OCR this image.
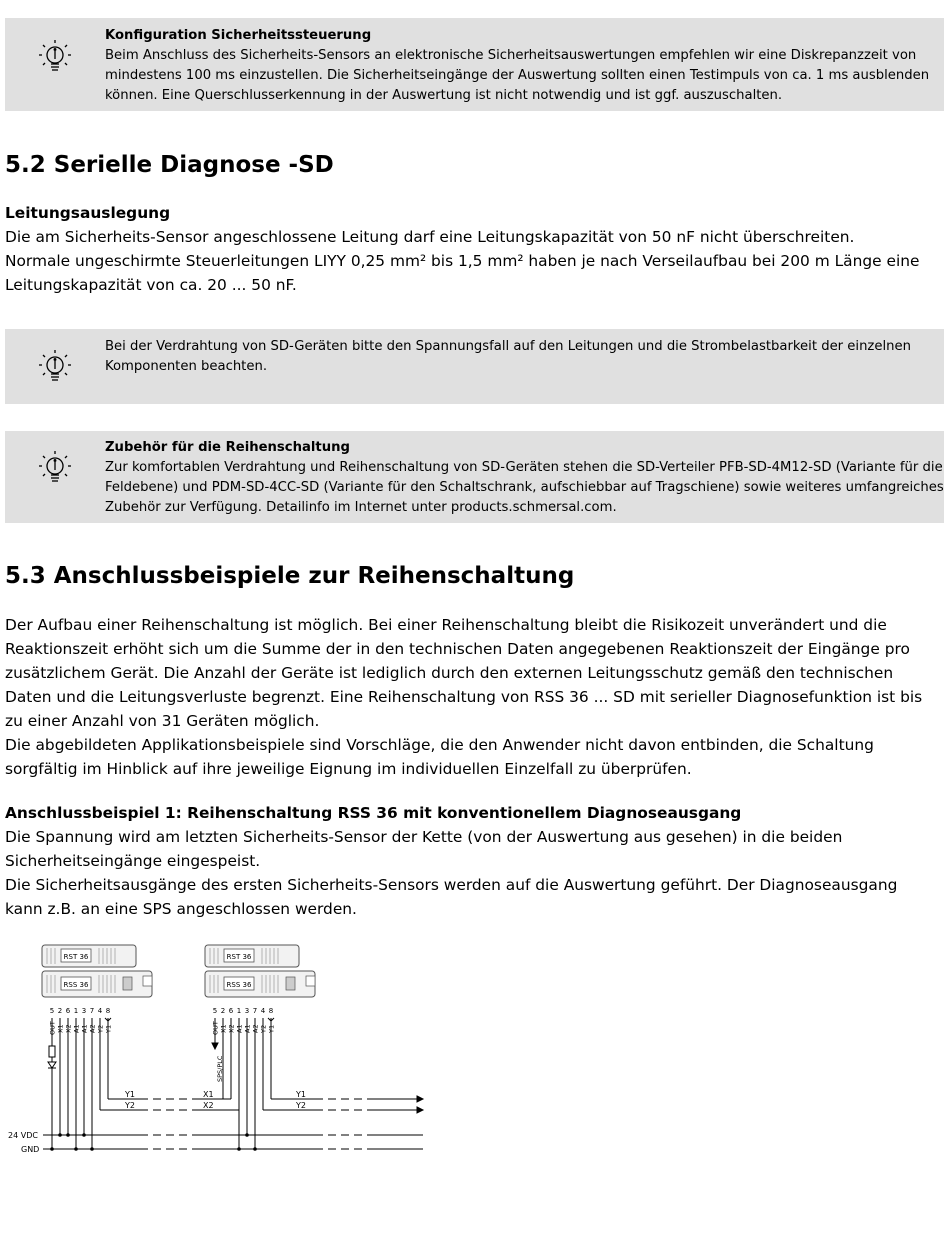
Konfiguration Sicherheitssteuerung
Beim Anschluss des Sicherheits-Sensors an elektronische Sicherheitsauswertungen empfehlen wir eine Diskrepanzzeit von
mindestens 100 ms einzustellen. Die Sicherheitseingänge der Auswertung sollten einen Testimpuls von ca. 1 ms ausblenden
können. Eine Querschlusserkennung in der Auswertung ist nicht notwendig und ist ggf. auszuschalten.
5.2 Serielle Diagnose -SD
Leitungsauslegung
Die am Sicherheits-Sensor angeschlossene Leitung darf eine Leitungskapazität von 50 nF nicht überschreiten.
Normale ungeschirmte Steuerleitungen LIYY 0,25 mm² bis 1,5 mm² haben je nach Verseilaufbau bei 200 m Länge eine
Leitungskapazität von ca. 20 ... 50 nF.
Bei der Verdrahtung von SD-Geräten bitte den Spannungsfall auf den Leitungen und die Strombelastbarkeit der einzelnen
Komponenten beachten.
Zubehör für die Reihenschaltung
Zur komfortablen Verdrahtung und Reihenschaltung von SD-Geräten stehen die SD-Verteiler PFB-SD-4M12-SD (Variante für die
Feldebene) und PDM-SD-4CC-SD (Variante für den Schaltschrank, aufschiebbar auf Tragschiene) sowie weiteres umfangreiches
Zubehör zur Verfügung. Detailinfo im Internet unter products.schmersal.com.
5.3 Anschlussbeispiele zur Reihenschaltung
Der Aufbau einer Reihenschaltung ist möglich. Bei einer Reihenschaltung bleibt die Risikozeit unverändert und die
Reaktionszeit erhöht sich um die Summe der in den technischen Daten angegebenen Reaktionszeit der Eingänge pro
zusätzlichem Gerät. Die Anzahl der Geräte ist lediglich durch den externen Leitungsschutz gemäß den technischen
Daten und die Leitungsverluste begrenzt. Eine Reihenschaltung von RSS 36 ... SD mit serieller Diagnosefunktion ist bis
zu einer Anzahl von 31 Geräten möglich.
Die abgebildeten Applikationsbeispiele sind Vorschläge, die den Anwender nicht davon entbinden, die Schaltung
sorgfältig im Hinblick auf ihre jeweilige Eignung im individuellen Einzelfall zu überprüfen.
Anschlussbeispiel 1: Reihenschaltung RSS 36 mit konventionellem Diagnoseausgang
Die Spannung wird am letzten Sicherheits-Sensor der Kette (von der Auswertung aus gesehen) in die beiden
Sicherheitseingänge eingespeist.
Die Sicherheitsausgänge des ersten Sicherheits-Sensors werden auf die Auswertung geführt. Der Diagnoseausgang
kann z.B. an eine SPS angeschlossen werden.
RST 36
RSS 36
RST 36
RSS 36
5 2 6 1 3 7 4 8	5 2 6 1 3 7 4 8
OUT X1 X2 A1 A1 A2 Y2 Y1	OUT X1 X2 A1 A1 A2 Y2 Y1
SPS/PLC
Y1
Y2
X1
X2
Y1
Y2
24 VDC
GND
